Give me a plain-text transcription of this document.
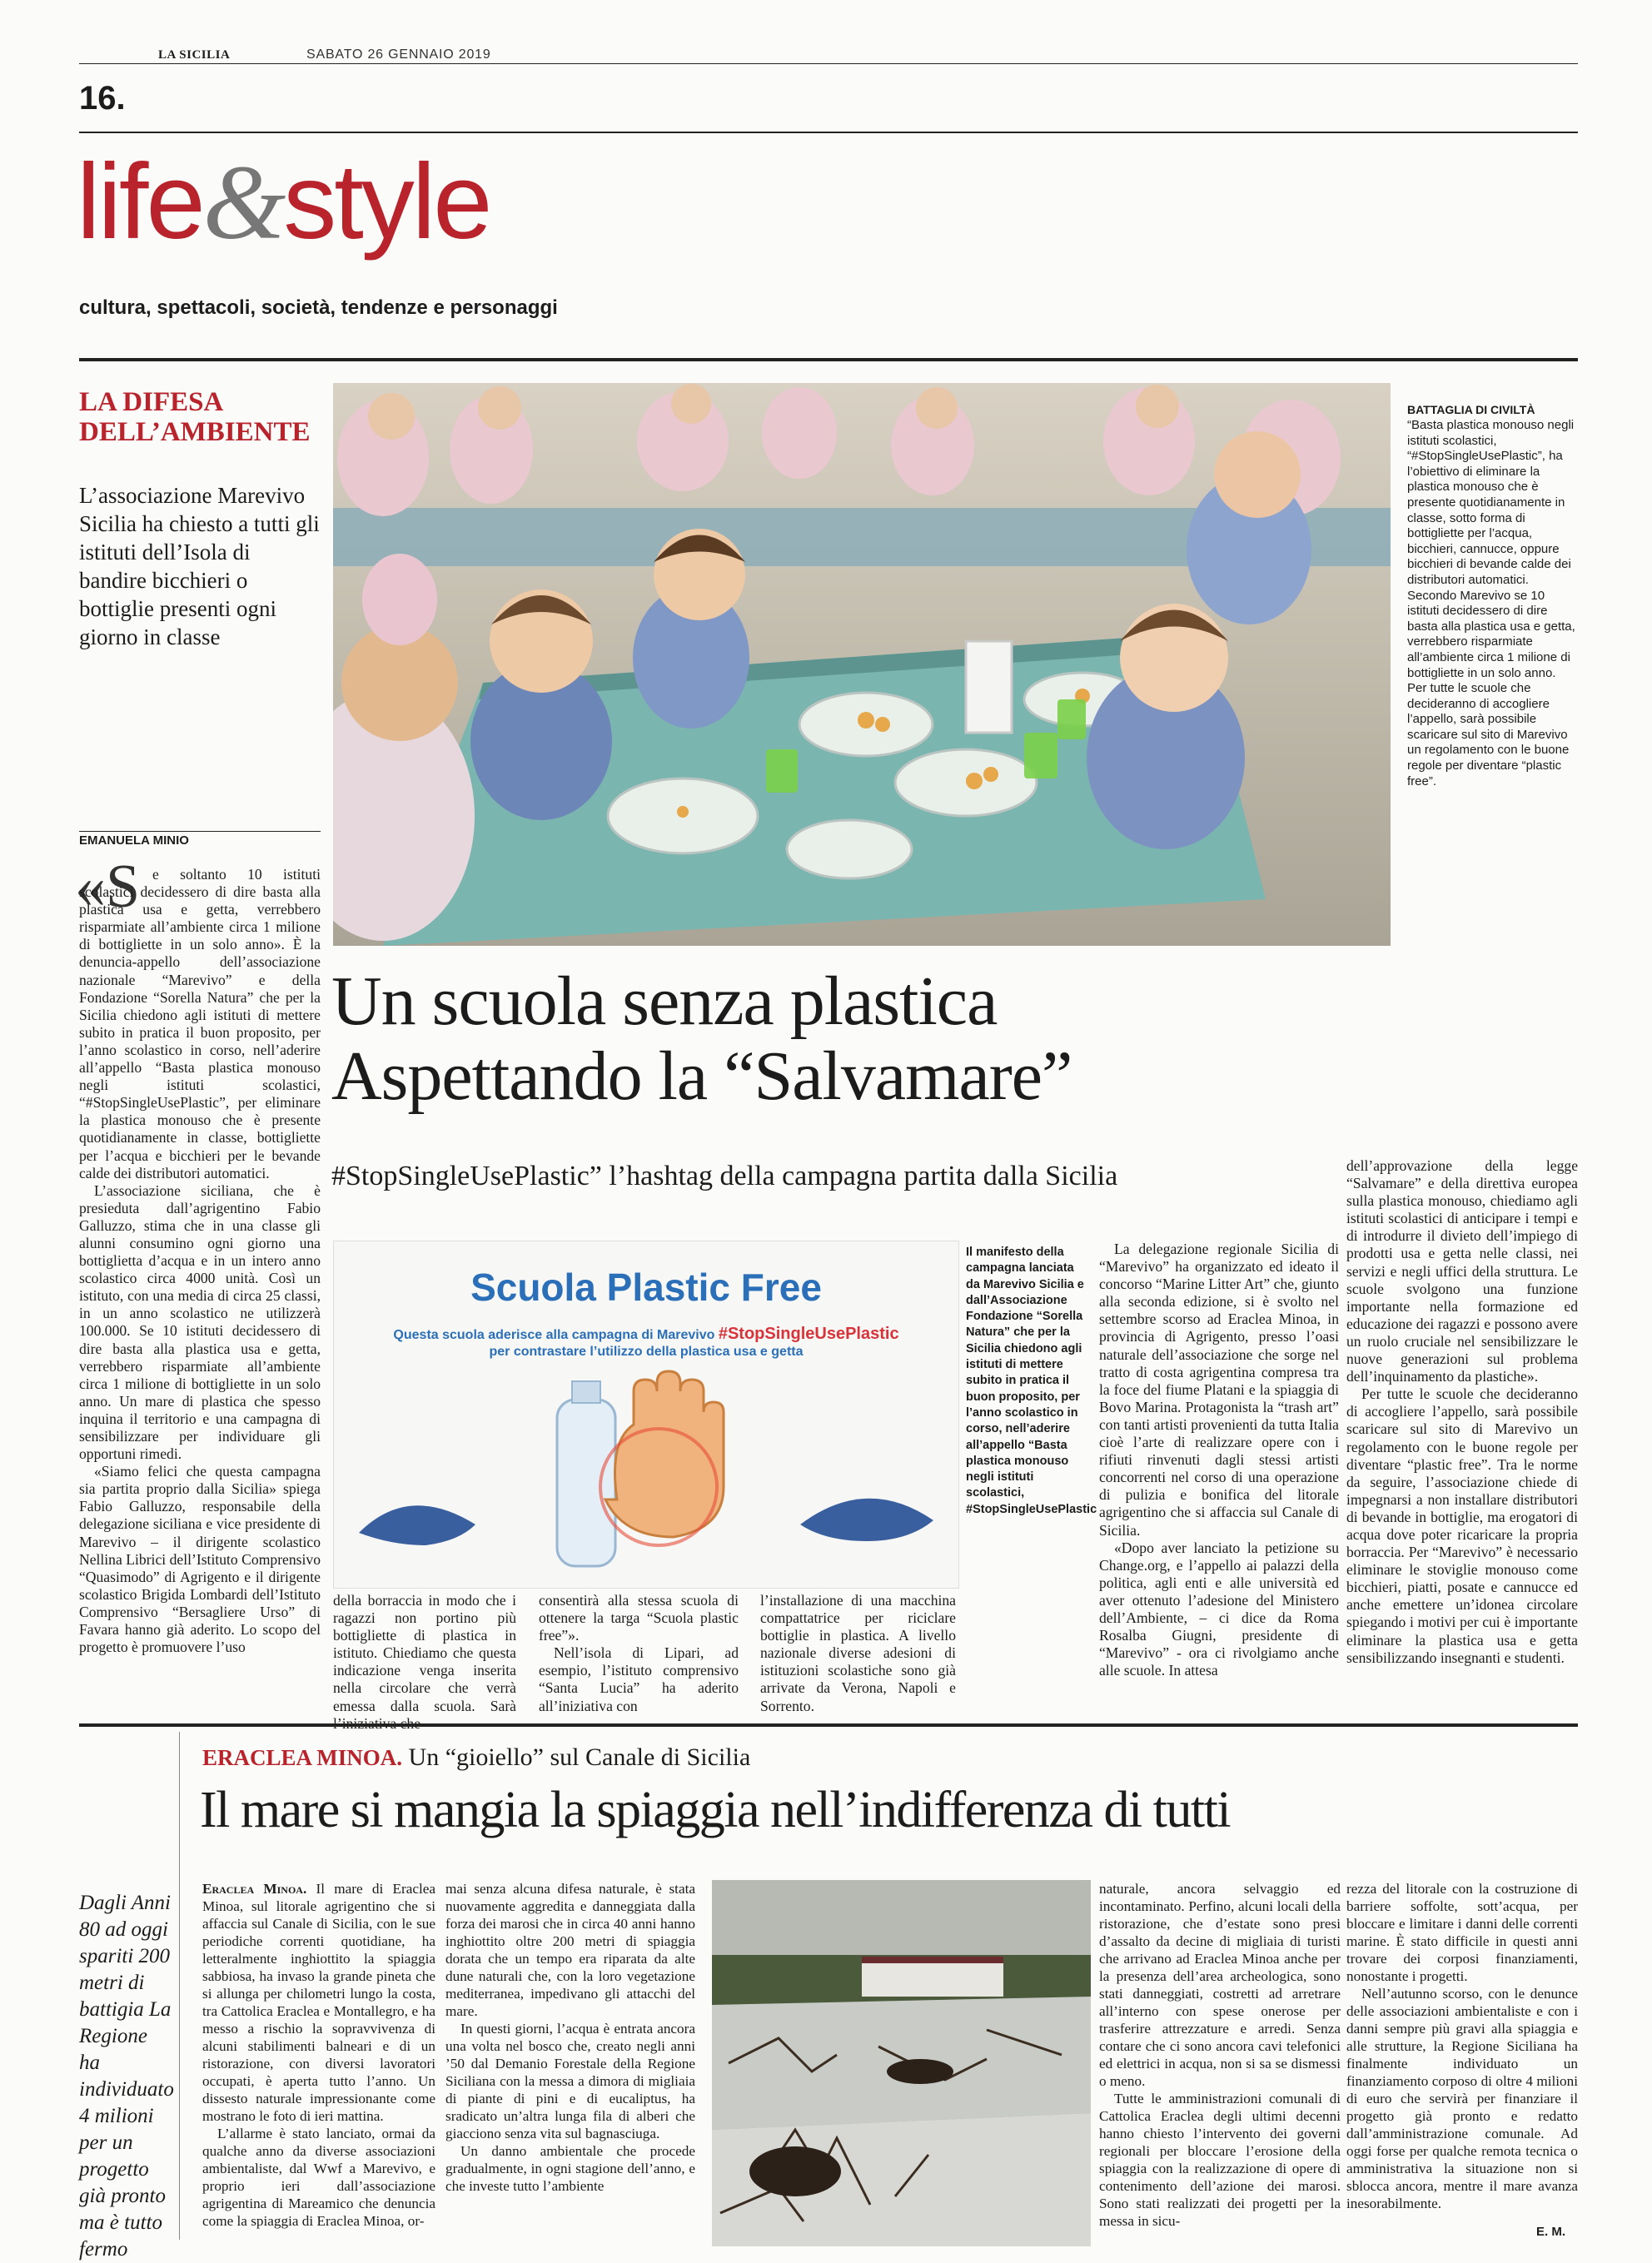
LA SICILIA	SABATO 26 GENNAIO 2019
16.
life&style
cultura, spettacoli, società, tendenze e personaggi
LA DIFESA DELL’AMBIENTE
L’associazione Marevivo Sicilia ha chiesto a tutti gli istituti dell’Isola di bandire bicchieri o bottiglie presenti ogni giorno in classe
BATTAGLIA DI CIVILTÀ
“Basta plastica monouso negli istituti scolastici, “#StopSingleUsePlastic”, ha l’obiettivo di eliminare la plastica monouso che è presente quotidianamente in classe, sotto forma di bottigliette per l’acqua, bicchieri, cannucce, oppure bicchieri di bevande calde dei distributori automatici. Secondo Marevivo se 10 istituti decidessero di dire basta alla plastica usa e getta, verrebbero risparmiate all’ambiente circa 1 milione di bottigliette in un solo anno. Per tutte le scuole che decideranno di accogliere l’appello, sarà possibile scaricare sul sito di Marevivo un regolamento con le buone regole per diventare “plastic free”.
EMANUELA MINIO
«S e soltanto 10 istituti scolastici decidessero di dire basta alla plastica usa e getta, verrebbero risparmiate all’ambiente circa 1 milione di bottigliette in un solo anno». È la denuncia-appello dell’associazione nazionale “Marevivo” e della Fondazione “Sorella Natura” che per la Sicilia chiedono agli istituti di mettere subito in pratica il buon proposito, per l’anno scolastico in corso, nell’aderire all’appello “Basta plastica monouso negli istituti scolastici, “#StopSingleUsePlastic”, per eliminare la plastica monouso che è presente quotidianamente in classe, bottigliette per l’acqua e bicchieri per le bevande calde dei distributori automatici.

L’associazione siciliana, che è presieduta dall’agrigentino Fabio Galluzzo, stima che in una classe gli alunni consumino ogni giorno una bottiglietta d’acqua e in un intero anno scolastico circa 4000 unità. Così un istituto, con una media di circa 25 classi, in un anno scolastico ne utilizzerà 100.000. Se 10 istituti decidessero di dire basta alla plastica usa e getta, verrebbero risparmiate all’ambiente circa 1 milione di bottigliette in un solo anno. Un mare di plastica che spesso inquina il territorio e una campagna di sensibilizzare per individuare gli opportuni rimedi.

«Siamo felici che questa campagna sia partita proprio dalla Sicilia» spiega Fabio Galluzzo, responsabile della delegazione siciliana e vice presidente di Marevivo – il dirigente scolastico Nellina Librici dell’Istituto Comprensivo “Quasimodo” di Agrigento e il dirigente scolastico Brigida Lombardi dell’Istituto Comprensivo “Bersagliere Urso” di Favara hanno già aderito. Lo scopo del progetto è promuovere l’uso

Un scuola senza plastica
Aspettando la “Salvamare”
#StopSingleUsePlastic” l’hashtag della campagna partita dalla Sicilia
Scuola Plastic Free
Questa scuola aderisce alla campagna di Marevivo #StopSingleUsePlastic
per contrastare l’utilizzo della plastica usa e getta
Il manifesto della campagna lanciata da Marevivo Sicilia e dall’Associazione Fondazione “Sorella Natura” che per la Sicilia chiedono agli istituti di mettere subito in pratica il buon proposito, per l’anno scolastico in corso, nell’aderire all’appello “Basta plastica monouso negli istituti scolastici, #StopSingleUsePlastic
della borraccia in modo che i ragazzi non portino più bottigliette di plastica in istituto. Chiediamo che questa indicazione venga inserita nella circolare che verrà emessa dalla scuola. Sarà

consentirà alla stessa scuola di ottenere la targa “Scuola plastic free”».

Nell’isola di Lipari, ad esempio, l’istituto comprensivo “Santa Lucia” ha aderito all’iniziativa con

l’installazione di una macchina compattatrice per riciclare bottiglie in plastica. A livello nazionale diverse adesioni di istituzioni scolastiche sono già arrivate da Verona, Napoli e Sorrento.

La delegazione regionale Sicilia di “Marevivo” ha organizzato ed ideato il concorso “Marine Litter Art” che, giunto alla seconda edizione, si è svolto nel settembre scorso ad Eraclea Minoa, in provincia di Agrigento, presso l’oasi naturale dell’associazione che sorge nel tratto di costa agrigentina compresa tra la foce del fiume Platani e la spiaggia di Bovo Marina. Protagonista la “trash art” con tanti artisti provenienti da tutta Italia cioè l’arte di realizzare opere con i rifiuti rinvenuti dagli stessi artisti concorrenti nel corso di una operazione di pulizia e bonifica del litorale agrigentino che si affaccia sul Canale di Sicilia.

«Dopo aver lanciato la petizione su Change.org, e l’appello ai palazzi della politica, agli enti e alle università ed aver ottenuto l’adesione del Ministero dell’Ambiente, – ci dice da Roma Rosalba Giugni, presidente di “Marevivo” - ora ci rivolgiamo anche alle scuole. In attesa

dell’approvazione della legge “Salvamare” e della direttiva europea sulla plastica monouso, chiediamo agli istituti scolastici di anticipare i tempi e di introdurre il divieto dell’impiego di prodotti usa e getta nelle classi, nei servizi e negli uffici della struttura. Le scuole svolgono una funzione importante nella formazione ed educazione dei ragazzi e possono avere un ruolo cruciale nel sensibilizzare le nuove generazioni sul problema dell’inquinamento da plastiche».

Per tutte le scuole che decideranno di accogliere l’appello, sarà possibile scaricare sul sito di Marevivo un regolamento con le buone regole per diventare “plastic free”. Tra le norme da seguire, l’associazione chiede di impegnarsi a non installare distributori di bevande in bottiglie, ma erogatori di acqua dove poter ricaricare la propria borraccia. Per “Marevivo” è necessario eliminare le stoviglie monouso come bicchieri, piatti, posate e cannucce ed anche emettere un’idonea circolare spiegando i motivi per cui è importante eliminare la plastica usa e getta sensibilizzando insegnanti e studenti.

ERACLEA MINOA. Un “gioiello” sul Canale di Sicilia
Il mare si mangia la spiaggia nell’indifferenza di tutti
Dagli Anni 80 ad oggi spariti 200 metri di battigia La Regione ha individuato 4 milioni per un progetto già pronto ma è tutto fermo

Eraclea Minoa. Il mare di Eraclea Minoa, sul litorale agrigentino che si affaccia sul Canale di Sicilia, con le sue periodiche correnti quotidiane, ha letteralmente inghiottito la spiaggia sabbiosa, ha invaso la grande pineta che si allunga per chilometri lungo la costa, tra Cattolica Eraclea e Montallegro, e ha messo a rischio la sopravvivenza di alcuni stabilimenti balneari e di un ristorazione, con diversi lavoratori occupati, è aperta tutto l’anno. Un dissesto naturale impressionante come mostrano le foto di ieri mattina.

L’allarme è stato lanciato, ormai da qualche anno da diverse associazioni ambientaliste, dal Wwf a Marevivo, e proprio ieri dall’associazione agrigentina di Mareamico che denuncia come la spiaggia di Eraclea Minoa, or-

mai senza alcuna difesa naturale, è stata nuovamente aggredita e danneggiata dalla forza dei marosi che in circa 40 anni hanno inghiottito oltre 200 metri di spiaggia dorata che un tempo era riparata da alte dune naturali che, con la loro vegetazione mediterranea, impedivano gli attacchi del mare.

In questi giorni, l’acqua è entrata ancora una volta nel bosco che, creato negli anni ’50 dal Demanio Forestale della Regione Siciliana con la messa a dimora di migliaia di piante di pini e di eucaliptus, ha sradicato un’altra lunga fila di alberi che giacciono senza vita sul bagnasciuga.

Un danno ambientale che procede gradualmente, in ogni stagione dell’anno, e che investe tutto l’ambiente

naturale, ancora selvaggio ed incontaminato. Perfino, alcuni locali della ristorazione, che d’estate sono presi d’assalto da decine di migliaia di turisti che arrivano ad Eraclea Minoa anche per la presenza dell’area archeologica, sono stati danneggiati, costretti ad arretrare all’interno con spese onerose per trasferire attrezzature e arredi. Senza contare che ci sono ancora cavi telefonici ed elettrici in acqua, non si sa se dismessi o meno.

Tutte le amministrazioni comunali di Cattolica Eraclea degli ultimi decenni hanno chiesto l’intervento dei governi regionali per bloccare l’erosione della spiaggia con la realizzazione di opere di contenimento dell’azione dei marosi. Sono stati realizzati dei progetti per la messa in sicu-

rezza del litorale con la costruzione di barriere soffolte, sott’acqua, per bloccare e limitare i danni delle correnti marine. È stato difficile in questi anni trovare dei corposi finanziamenti, nonostante i progetti.

Nell’autunno scorso, con le denunce delle associazioni ambientaliste e con i danni sempre più gravi alla spiaggia e alle strutture, la Regione Siciliana ha finalmente individuato un finanziamento corposo di oltre 4 milioni di euro che servirà per finanziare il progetto già pronto e redatto dall’amministrazione comunale. Ad oggi forse per qualche remota tecnica o amministrativa la situazione non si sblocca ancora, mentre il mare avanza inesorabilmente.

E. M.
